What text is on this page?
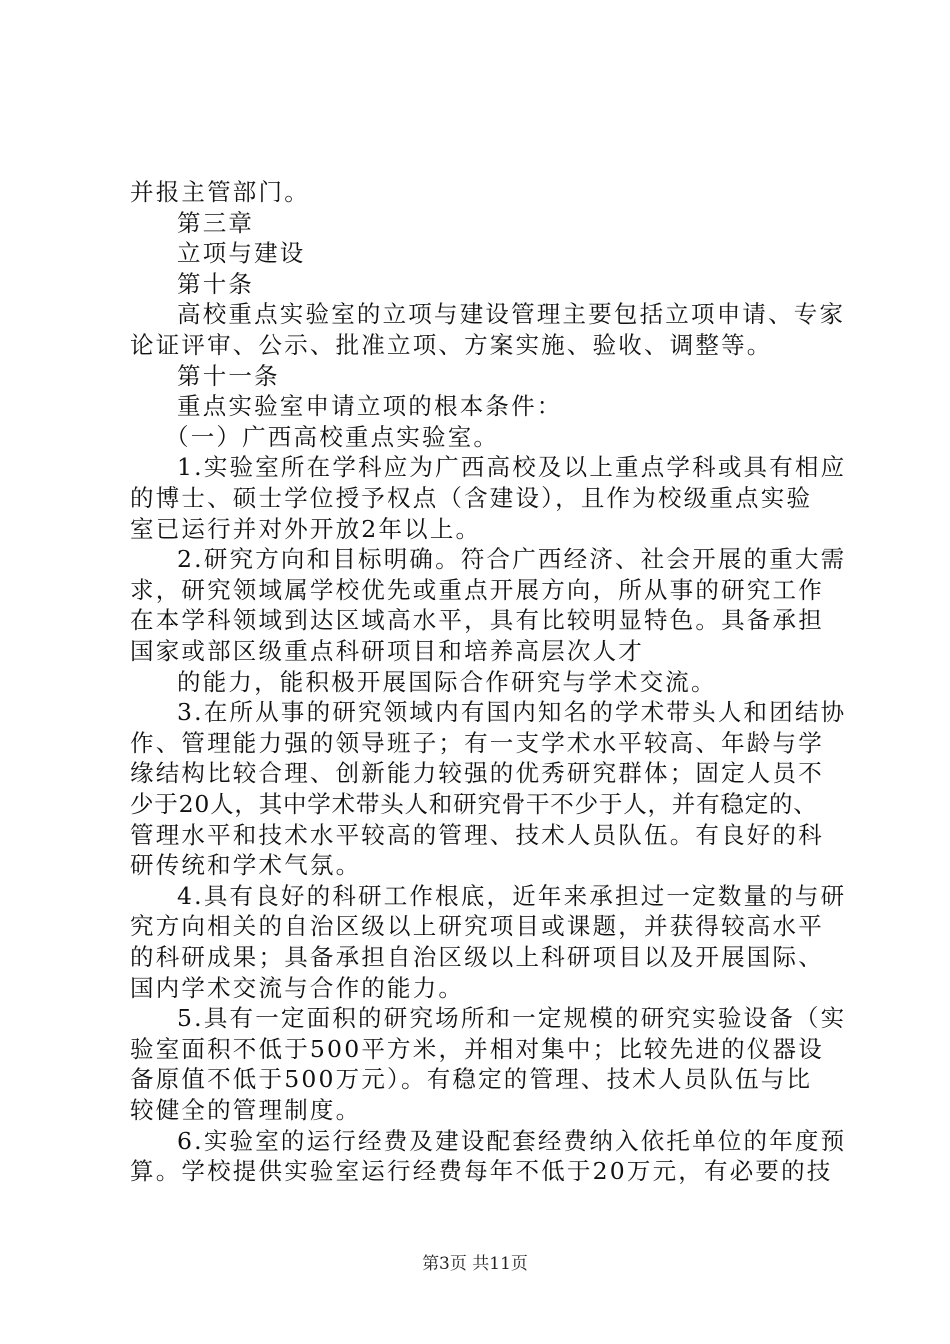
并报主管部门。
第三章
立项与建设
第十条
高校重点实验室的立项与建设管理主要包括立项申请、专家
论证评审、公示、批准立项、方案实施、验收、调整等。
第十一条
重点实验室申请立项的根本条件：
（一）广西高校重点实验室。
1.实验室所在学科应为广西高校及以上重点学科或具有相应
的博士、硕士学位授予权点（含建设），且作为校级重点实验
室已运行并对外开放2年以上。
2.研究方向和目标明确。符合广西经济、社会开展的重大需
求，研究领域属学校优先或重点开展方向，所从事的研究工作
在本学科领域到达区域高水平，具有比较明显特色。具备承担
国家或部区级重点科研项目和培养高层次人才
的能力，能积极开展国际合作研究与学术交流。
3.在所从事的研究领域内有国内知名的学术带头人和团结协
作、管理能力强的领导班子；有一支学术水平较高、年龄与学
缘结构比较合理、创新能力较强的优秀研究群体；固定人员不
少于20人，其中学术带头人和研究骨干不少于人，并有稳定的、
管理水平和技术水平较高的管理、技术人员队伍。有良好的科
研传统和学术气氛。
4.具有良好的科研工作根底，近年来承担过一定数量的与研
究方向相关的自治区级以上研究项目或课题，并获得较高水平
的科研成果；具备承担自治区级以上科研项目以及开展国际、
国内学术交流与合作的能力。
5.具有一定面积的研究场所和一定规模的研究实验设备（实
验室面积不低于500平方米，并相对集中；比较先进的仪器设
备原值不低于500万元）。有稳定的管理、技术人员队伍与比
较健全的管理制度。
6.实验室的运行经费及建设配套经费纳入依托单位的年度预
算。学校提供实验室运行经费每年不低于20万元，有必要的技
第3页 共11页
